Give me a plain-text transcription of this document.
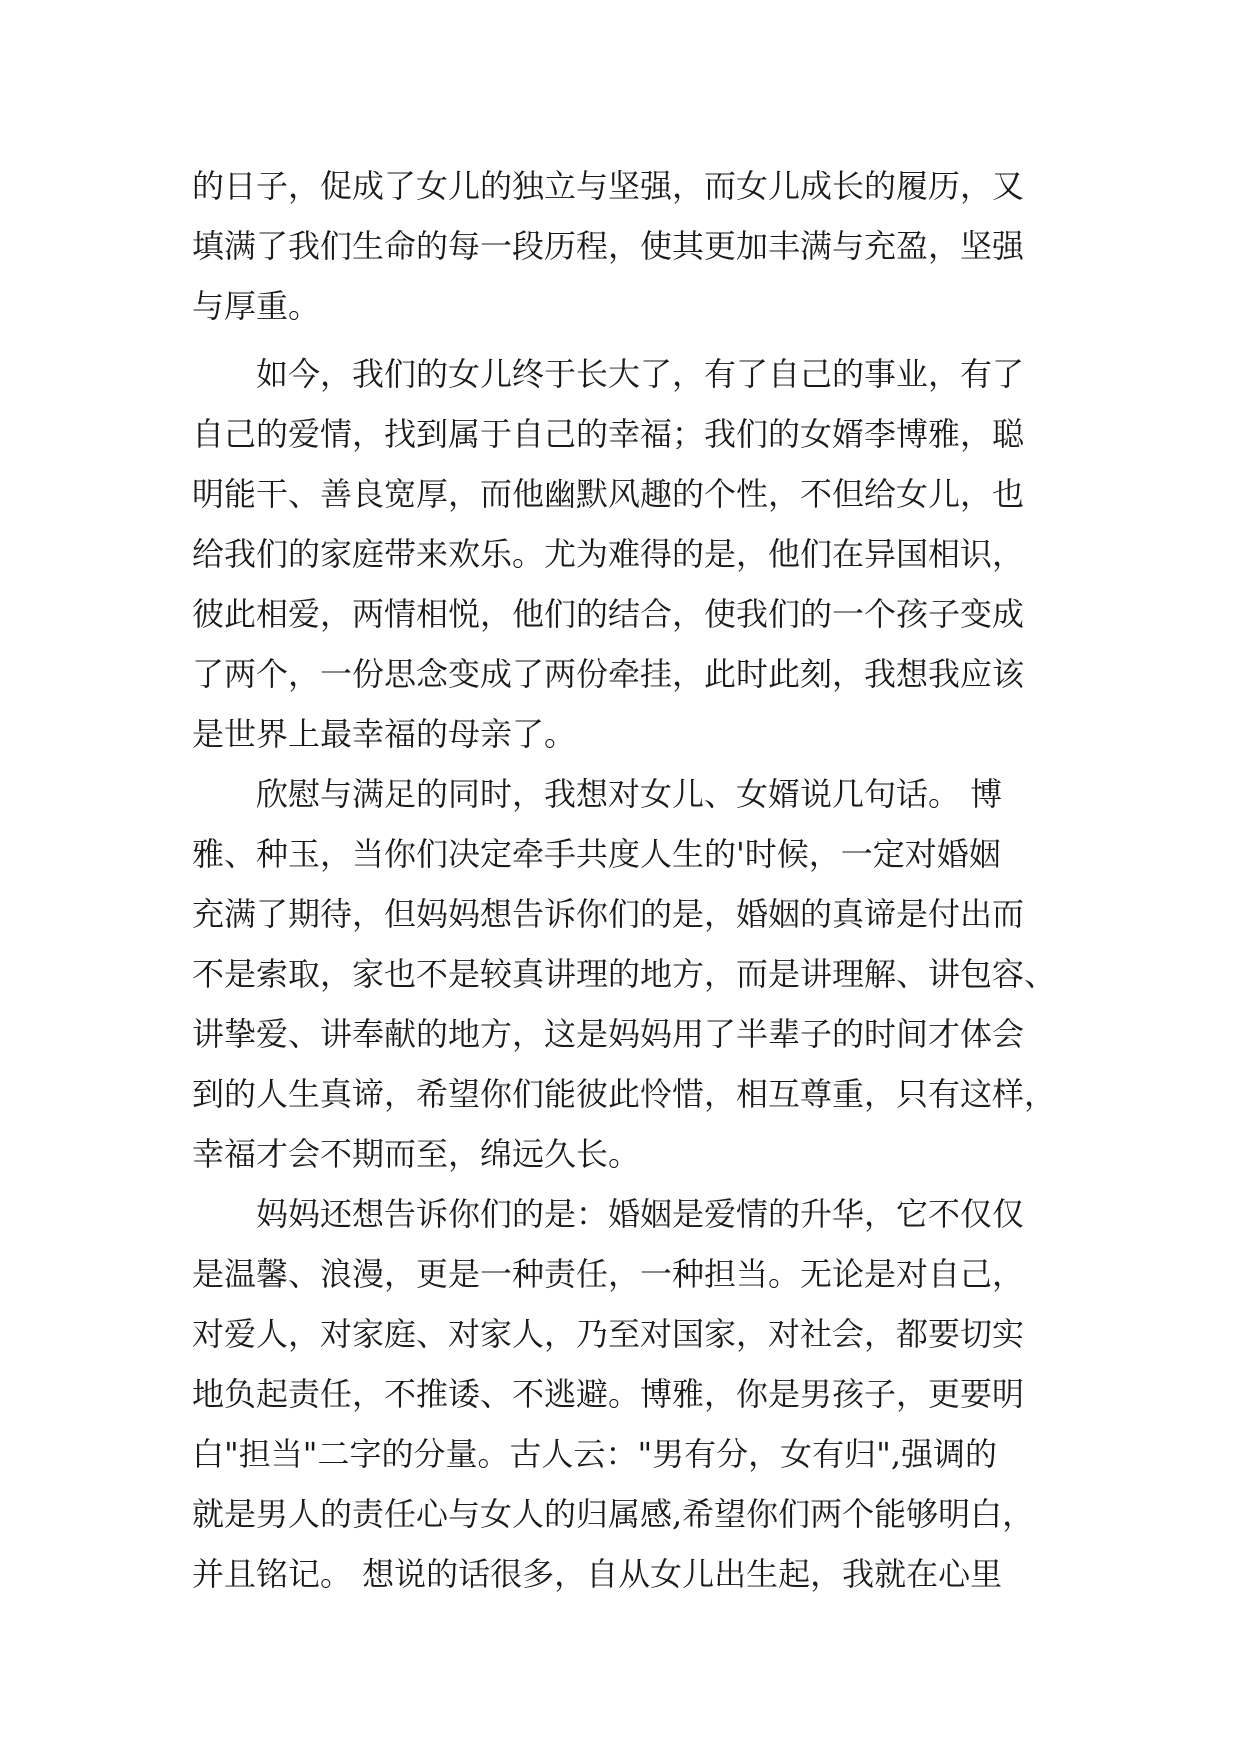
的日子，促成了女儿的独立与坚强，而女儿成长的履历，又
填满了我们生命的每一段历程，使其更加丰满与充盈，坚强
与厚重。
如今，我们的女儿终于长大了，有了自己的事业，有了
自己的爱情，找到属于自己的幸福；我们的女婿李博雅，聪
明能干、善良宽厚，而他幽默风趣的个性，不但给女儿，也
给我们的家庭带来欢乐。尤为难得的是，他们在异国相识，
彼此相爱，两情相悦，他们的结合，使我们的一个孩子变成
了两个，一份思念变成了两份牵挂，此时此刻，我想我应该
是世界上最幸福的母亲了。
欣慰与满足的同时，我想对女儿、女婿说几句话。 博
雅、种玉，当你们决定牵手共度人生的'时候，一定对婚姻
充满了期待，但妈妈想告诉你们的是，婚姻的真谛是付出而
不是索取，家也不是较真讲理的地方，而是讲理解、讲包容、
讲挚爱、讲奉献的地方，这是妈妈用了半辈子的时间才体会
到的人生真谛，希望你们能彼此怜惜，相互尊重，只有这样，
幸福才会不期而至，绵远久长。
妈妈还想告诉你们的是：婚姻是爱情的升华，它不仅仅
是温馨、浪漫，更是一种责任，一种担当。无论是对自己，
对爱人，对家庭、对家人，乃至对国家，对社会，都要切实
地负起责任，不推诿、不逃避。博雅，你是男孩子，更要明
白"担当"二字的分量。古人云："男有分，女有归",强调的
就是男人的责任心与女人的归属感,希望你们两个能够明白，
并且铭记。 想说的话很多，自从女儿出生起，我就在心里
